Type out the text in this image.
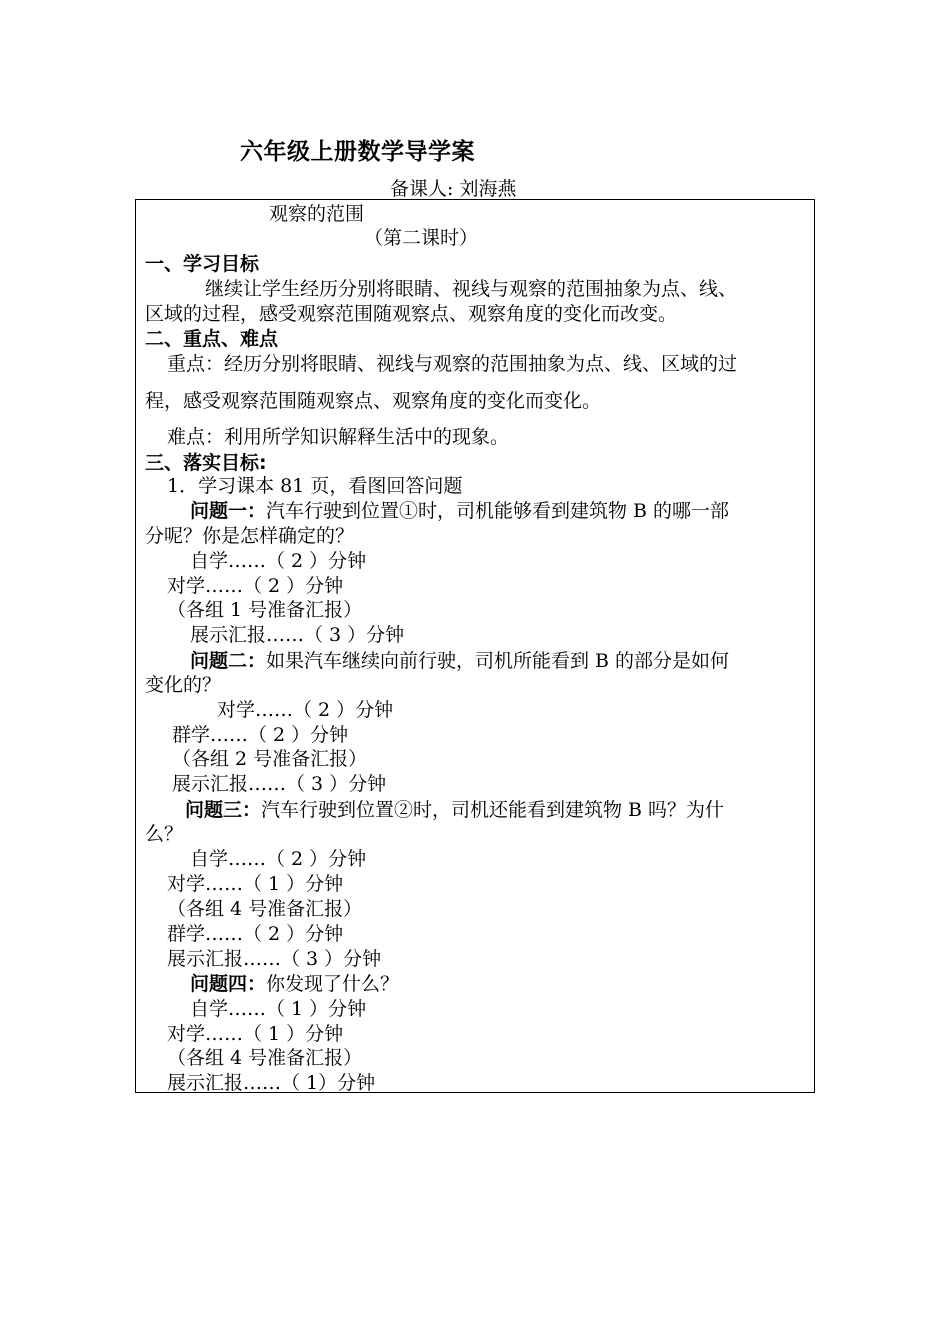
六年级上册数学导学案
备课人: 刘海燕
观察的范围
（第二课时）
一、学习目标
继续让学生经历分别将眼睛、视线与观察的范围抽象为点、线、
区域的过程，感受观察范围随观察点、观察角度的变化而改变。
二、重点、难点
重点：经历分别将眼睛、视线与观察的范围抽象为点、线、区域的过
程，感受观察范围随观察点、观察角度的变化而变化。
难点：利用所学知识解释生活中的现象。
三、落实目标:
1．学习课本 81 页，看图回答问题
问题一：汽车行驶到位置①时，司机能够看到建筑物 B 的哪一部
分呢？你是怎样确定的？
自学……（ 2 ）分钟
对学……（ 2 ）分钟
（各组 1 号准备汇报）
展示汇报……（ 3 ）分钟
问题二：如果汽车继续向前行驶，司机所能看到 B 的部分是如何
变化的？
对学……（ 2 ）分钟
群学……（ 2 ）分钟
（各组 2 号准备汇报）
展示汇报……（ 3 ）分钟
问题三：汽车行驶到位置②时，司机还能看到建筑物 B 吗？为什
么？
自学……（ 2 ）分钟
对学……（ 1 ）分钟
（各组 4 号准备汇报）
群学……（ 2 ）分钟
展示汇报……（ 3 ）分钟
问题四：你发现了什么？
自学……（ 1 ）分钟
对学……（ 1 ）分钟
（各组 4 号准备汇报）
展示汇报……（ 1）分钟
